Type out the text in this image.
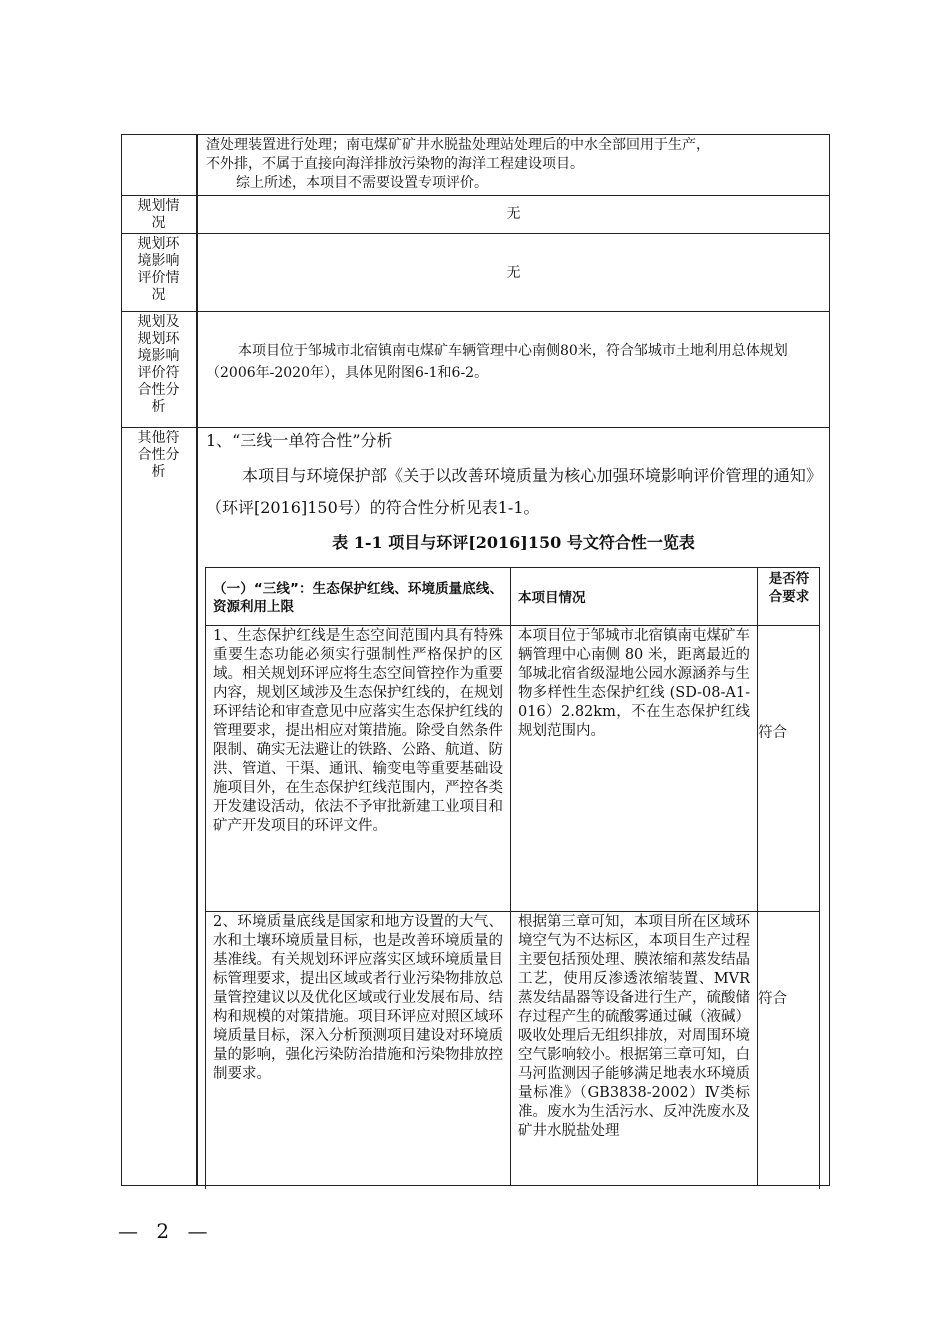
渣处理装置进行处理；南屯煤矿矿井水脱盐处理站处理后的中水全部回用于生产，
不外排，不属于直接向海洋排放污染物的海洋工程建设项目。
综上所述，本项目不需要设置专项评价。
规划情况
无
规划环境影响评价情况
无
规划及规划环境影响评价符合性分析
本项目位于邹城市北宿镇南屯煤矿车辆管理中心南侧80米，符合邹城市土地利用总体规划（2006年-2020年），具体见附图6-1和6-2。
其他符合性分析
1、“三线一单符合性”分析
本项目与环境保护部《关于以改善环境质量为核心加强环境影响评价管理的通知》（环评[2016]150号）的符合性分析见表1-1。
表 1-1 项目与环评[2016]150 号文符合性一览表
（一）“三线”：生态保护红线、环境质量底线、资源利用上限
本项目情况
是否符合要求
1、生态保护红线是生态空间范围内具有特殊重要生态功能必须实行强制性严格保护的区域。相关规划环评应将生态空间管控作为重要内容，规划区域涉及生态保护红线的，在规划环评结论和审查意见中应落实生态保护红线的管理要求，提出相应对策措施。除受自然条件限制、确实无法避让的铁路、公路、航道、防洪、管道、干渠、通讯、输变电等重要基础设施项目外，在生态保护红线范围内，严控各类开发建设活动，依法不予审批新建工业项目和矿产开发项目的环评文件。
本项目位于邹城市北宿镇南屯煤矿车辆管理中心南侧 80 米，距离最近的邹城北宿省级湿地公园水源涵养与生物多样性生态保护红线 (SD-08-A1-016）2.82km，不在生态保护红线规划范围内。	符合
2、环境质量底线是国家和地方设置的大气、水和土壤环境质量目标，也是改善环境质量的基准线。有关规划环评应落实区域环境质量目标管理要求，提出区域或者行业污染物排放总量管控建议以及优化区域或行业发展布局、结构和规模的对策措施。项目环评应对照区域环境质量目标，深入分析预测项目建设对环境质量的影响，强化污染防治措施和污染物排放控制要求。
根据第三章可知，本项目所在区域环境空气为不达标区，本项目生产过程主要包括预处理、膜浓缩和蒸发结晶工艺，使用反渗透浓缩装置、MVR 蒸发结晶器等设备进行生产，硫酸储存过程产生的硫酸雾通过碱（液碱）吸收处理后无组织排放，对周围环境空气影响较小。根据第三章可知，白马河监测因子能够满足地表水环境质量标准》（GB3838-2002）Ⅳ类标准。废水为生活污水、反冲洗废水及矿井水脱盐处理
符合
— 2 —
